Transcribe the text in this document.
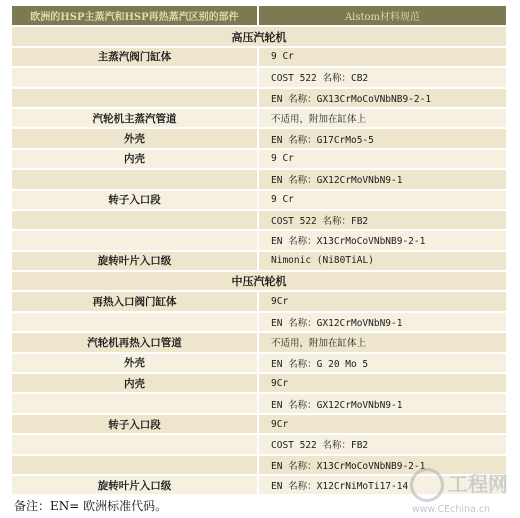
欧洲的HSP主蒸汽和HSP再热蒸汽区别的部件	Alstom材料规范
高压汽轮机	
主蒸汽阀门缸体	9 Cr
	COST 522 名称：CB2
	EN 名称：GX13CrMoCoVNbNB9-2-1
汽轮机主蒸汽管道	不适用，附加在缸体上
外壳	EN 名称：G17CrMo5-5
内壳	9 Cr
	EN 名称：GX12CrMoVNbN9-1
转子入口段	9 Cr
	COST 522 名称：FB2
	EN 名称：X13CrMoCoVNbNB9-2-1
旋转叶片入口级	Nimonic (Ni80TiAL)
中压汽轮机	
再热入口阀门缸体	9Cr
	EN 名称：GX12CrMoVNbN9-1
汽轮机再热入口管道	不适用，附加在缸体上
外壳	EN 名称：G 20 Mo 5
内壳	9Cr
	EN 名称：GX12CrMoVNbN9-1
转子入口段	9Cr
	COST 522 名称：FB2
	EN 名称：X13CrMoCoVNbNB9-2-1
旋转叶片入口级	EN 名称：X12CrNiMoTi17-14

备注：EN= 欧洲标准代码。

工程网
www.CEchina.cn
